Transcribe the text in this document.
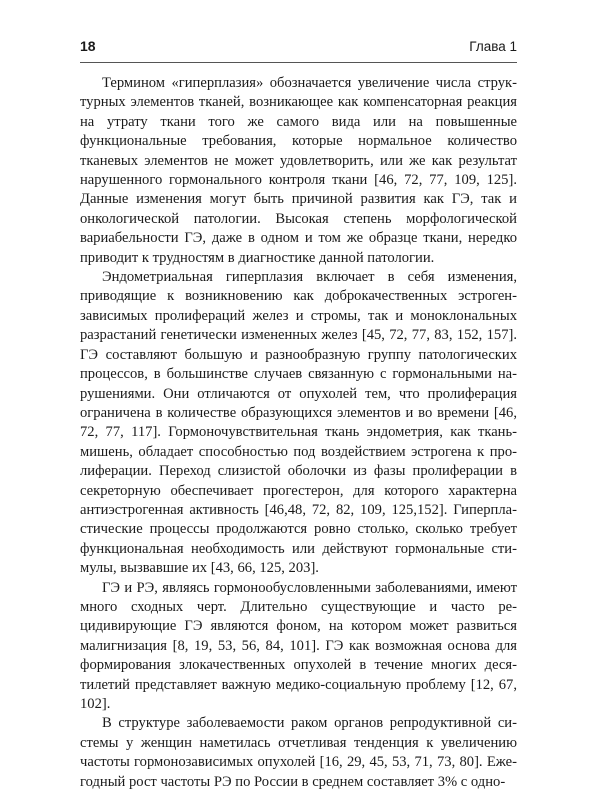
18	Глава 1

Термином «гиперплазия» обозначается увеличение числа структурных элементов тканей, возникающее как компенсаторная реакция на утрату ткани того же самого вида или на повышенные функциональные требования, которые нормальное количество тканевых элементов не может удовлетворить, или же как результат нарушенного гормонального контроля ткани [46, 72, 77, 109, 125]. Данные изменения могут быть причиной развития как ГЭ, так и онкологической патологии. Высокая степень морфологической вариабельности ГЭ, даже в одном и том же образце ткани, нередко приводит к трудностям в диагностике данной патологии.

Эндометриальная гиперплазия включает в себя изменения, приводящие к возникновению как доброкачественных эстрогензависимых пролифераций желез и стромы, так и моноклональных разрастаний генетически измененных желез [45, 72, 77, 83, 152, 157]. ГЭ составляют большую и разнообразную группу патологических процессов, в большинстве случаев связанную с гормональными нарушениями. Они отличаются от опухолей тем, что пролиферация ограничена в количестве образующихся элементов и во времени [46, 72, 77, 117]. Гормоночувствительная ткань эндометрия, как ткань-мишень, обладает способностью под воздействием эстрогена к пролиферации. Переход слизистой оболочки из фазы пролиферации в секреторную обеспечивает прогестерон, для которого характерна антиэстрогенная активность [46,48, 72, 82, 109, 125,152]. Гиперпластические процессы продолжаются ровно столько, сколько требует функциональная необходимость или действуют гормональные стимулы, вызвавшие их [43, 66, 125, 203].

ГЭ и РЭ, являясь гормонообусловленными заболеваниями, имеют много сходных черт. Длительно существующие и часто рецидивирующие ГЭ являются фоном, на котором может развиться малигнизация [8, 19, 53, 56, 84, 101]. ГЭ как возможная основа для формирования злокачественных опухолей в течение многих десятилетий представляет важную медико-социальную проблему [12, 67, 102].

В структуре заболеваемости раком органов репродуктивной системы у женщин наметилась отчетливая тенденция к увеличению частоты гормонозависимых опухолей [16, 29, 45, 53, 71, 73, 80]. Ежегодный рост частоты РЭ по России в среднем составляет 3% с одно-
